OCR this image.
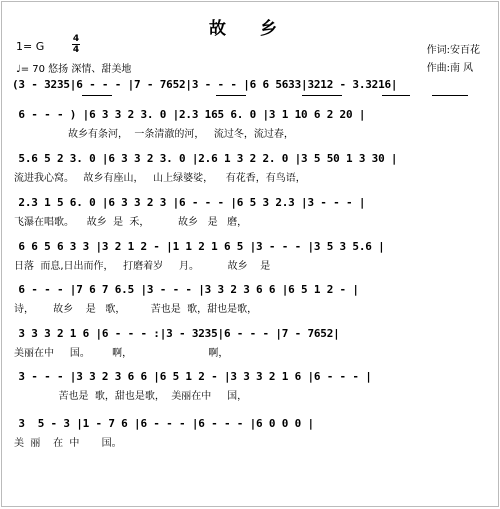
故 乡
1= G
4
4
♩= 70 悠扬 深情、甜美地
作词:安百花
作曲:南 风
(3 - 3235|6 - - - |7 - 7652|3 - - - |6 6 5633|3212 - 3.3216|
6 - - - ) |6 3 3 2 3. 0 |2.3 165 6. 0 |3 1 10 6 2 20 |
故乡有条河，  一条清澈的河，   流过冬，流过春，
5.6 5 2 3. 0 |6 3 3 2 3. 0 |2.6 1 3 2 2. 0 |3 5 50 1 3 30 |
流进我心窝。   故乡有座山，   山上绿婆娑，    有花香，有鸟语，
2.3 1 5 6. 0 |6 3 3 2 3 |6 - - - |6 5 3 2.3 |3 - - - |
飞瀑在唱歌。    故乡  是  禾，         故乡   是   磨，
6 6 5 6 3 3 |3 2 1 2 - |1 1 2 1 6 5 |3 - - - |3 5 3 5.6 |
日落  而息,日出而作，   打磨着岁     月。         故乡    是
6 - - - |7 6 7 6.5 |3 - - - |3 3 2 3 6 6 |6 5 1 2 - |
诗，      故乡    是   歌，        苦也是  歌，甜也是歌，
3 3 3 2 1 6 |6 - - - :|3 - 3235|6 - - - |7 - 7652|
美丽在中     国。       啊，                        啊，
3 - - - |3 3 2 3 6 6 |6 5 1 2 - |3 3 3 2 1 6 |6 - - - |
苦也是  歌，甜也是歌，  美丽在中     国，
3  5 - 3 |1 - 7 6 |6 - - - |6 - - - |6 0 0 0 |
美  丽    在  中       国。
